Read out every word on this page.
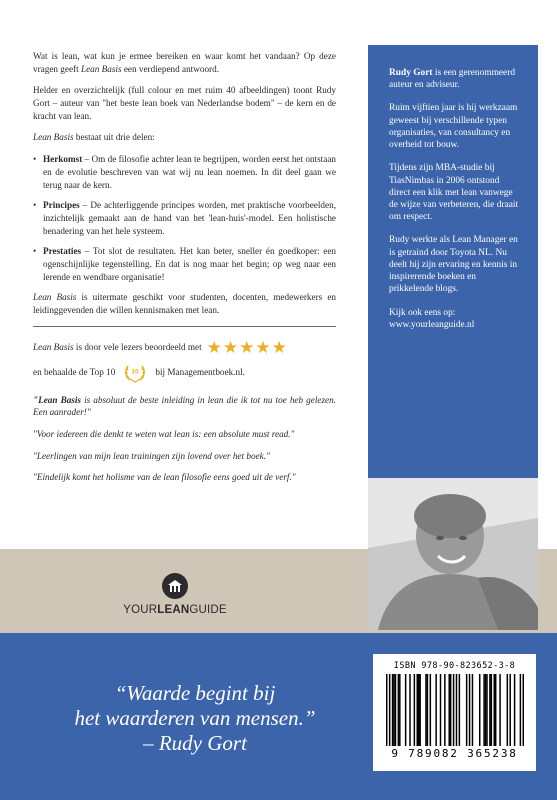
Wat is lean, wat kun je ermee bereiken en waar komt het vandaan? Op deze vragen geeft Lean Basis een verdiepend antwoord.

Helder en overzichtelijk (full colour en met ruim 40 afbeeldingen) toont Rudy Gort – auteur van "het beste lean boek van Nederlandse bodem" – de kern en de kracht van lean.

Lean Basis bestaat uit drie delen:

• Herkomst – Om de filosofie achter lean te begrijpen, worden eerst het ontstaan en de evolutie beschreven van wat wij nu lean noemen. In dit deel gaan we terug naar de kern.
• Principes – De achterliggende principes worden, met praktische voorbeelden, inzichtelijk gemaakt aan de hand van het 'lean-huis'-model. Een holistische benadering van het hele systeem.
• Prestaties – Tot slot de resultaten. Het kan beter, sneller én goedkoper: een ogenschijnlijke tegenstelling. En dat is nog maar het begin; op weg naar een lerende en wendbare organisatie!

Lean Basis is uitermate geschikt voor studenten, docenten, medewerkers en leidinggevenden die willen kennismaken met lean.

Lean Basis is door vele lezers beoordeeld met ★★★★★
en behaalde de Top 10	10 bij Managementboek.nl.

"Lean Basis is absoluut de beste inleiding in lean die ik tot nu toe heb gelezen. Een aanrader!"

"Voor iedereen die denkt te weten wat lean is: een absolute must read."

"Leerlingen van mijn lean trainingen zijn lovend over het boek."

"Eindelijk komt het holisme van de lean filosofie eens goed uit de verf."

Rudy Gort is een gerenommeerd auteur en adviseur.

Ruim vijftien jaar is hij werkzaam geweest bij verschillende typen organisaties, van consultancy en overheid tot bouw.

Tijdens zijn MBA-studie bij TiasNimbas in 2006 ontstond direct een klik met lean vanwege de wijze van verbeteren, die draait om respect.

Rudy werkte als Lean Manager en is getraind door Toyota NL. Nu deelt hij zijn ervaring en kennis in inspirerende boeken en prikkelende blogs.

Kijk ook eens op: www.yourleanguide.nl

YOURLEANGUIDE
“Waarde begint bij
het waarderen van mensen.”
– Rudy Gort
ISBN 978-90-823652-3-8
9 789082 365238
